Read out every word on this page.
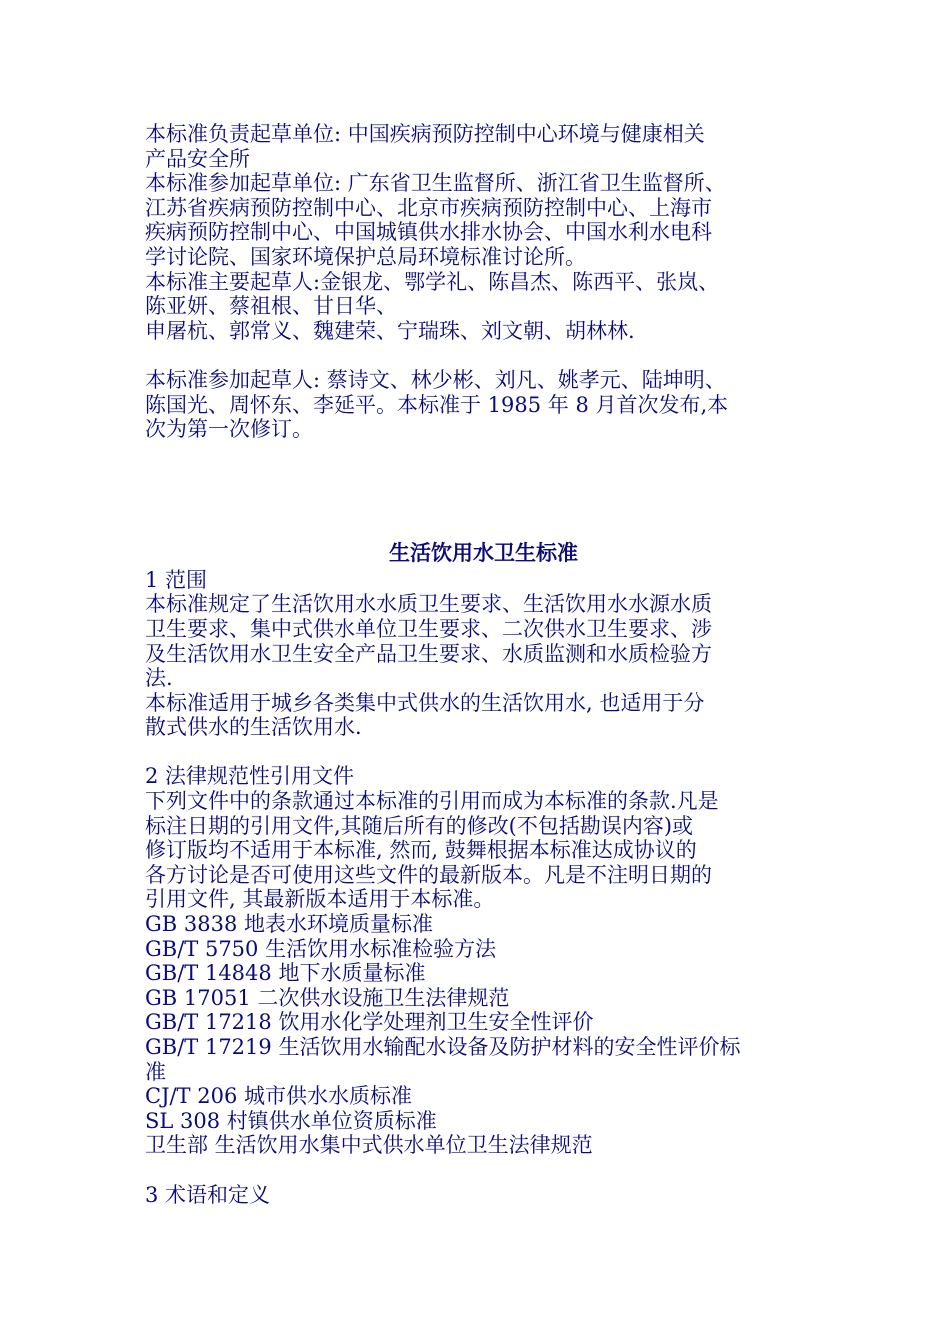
本标准负责起草单位: 中国疾病预防控制中心环境与健康相关
产品安全所
本标准参加起草单位: 广东省卫生监督所、浙江省卫生监督所、
江苏省疾病预防控制中心、北京市疾病预防控制中心、上海市
疾病预防控制中心、中国城镇供水排水协会、中国水利水电科
学讨论院、国家环境保护总局环境标准讨论所。
本标准主要起草人:金银龙、鄂学礼、陈昌杰、陈西平、张岚、
陈亚妍、蔡祖根、甘日华、
申屠杭、郭常义、魏建荣、宁瑞珠、刘文朝、胡林林.
本标准参加起草人: 蔡诗文、林少彬、刘凡、姚孝元、陆坤明、
陈国光、周怀东、李延平。本标准于 1985 年 8 月首次发布,本
次为第一次修订。
生活饮用水卫生标准
1 范围
本标准规定了生活饮用水水质卫生要求、生活饮用水水源水质
卫生要求、集中式供水单位卫生要求、二次供水卫生要求、涉
及生活饮用水卫生安全产品卫生要求、水质监测和水质检验方
法.
本标准适用于城乡各类集中式供水的生活饮用水, 也适用于分
散式供水的生活饮用水.
2 法律规范性引用文件
下列文件中的条款通过本标准的引用而成为本标准的条款.凡是
标注日期的引用文件,其随后所有的修改(不包括勘误内容)或
修订版均不适用于本标准, 然而, 鼓舞根据本标准达成协议的
各方讨论是否可使用这些文件的最新版本。凡是不注明日期的
引用文件, 其最新版本适用于本标准。
GB 3838 地表水环境质量标准
GB/T 5750 生活饮用水标准检验方法
GB/T 14848 地下水质量标准
GB 17051 二次供水设施卫生法律规范
GB/T 17218 饮用水化学处理剂卫生安全性评价
GB/T 17219 生活饮用水输配水设备及防护材料的安全性评价标
准
CJ/T 206 城市供水水质标准
SL 308 村镇供水单位资质标准
卫生部 生活饮用水集中式供水单位卫生法律规范
3 术语和定义
